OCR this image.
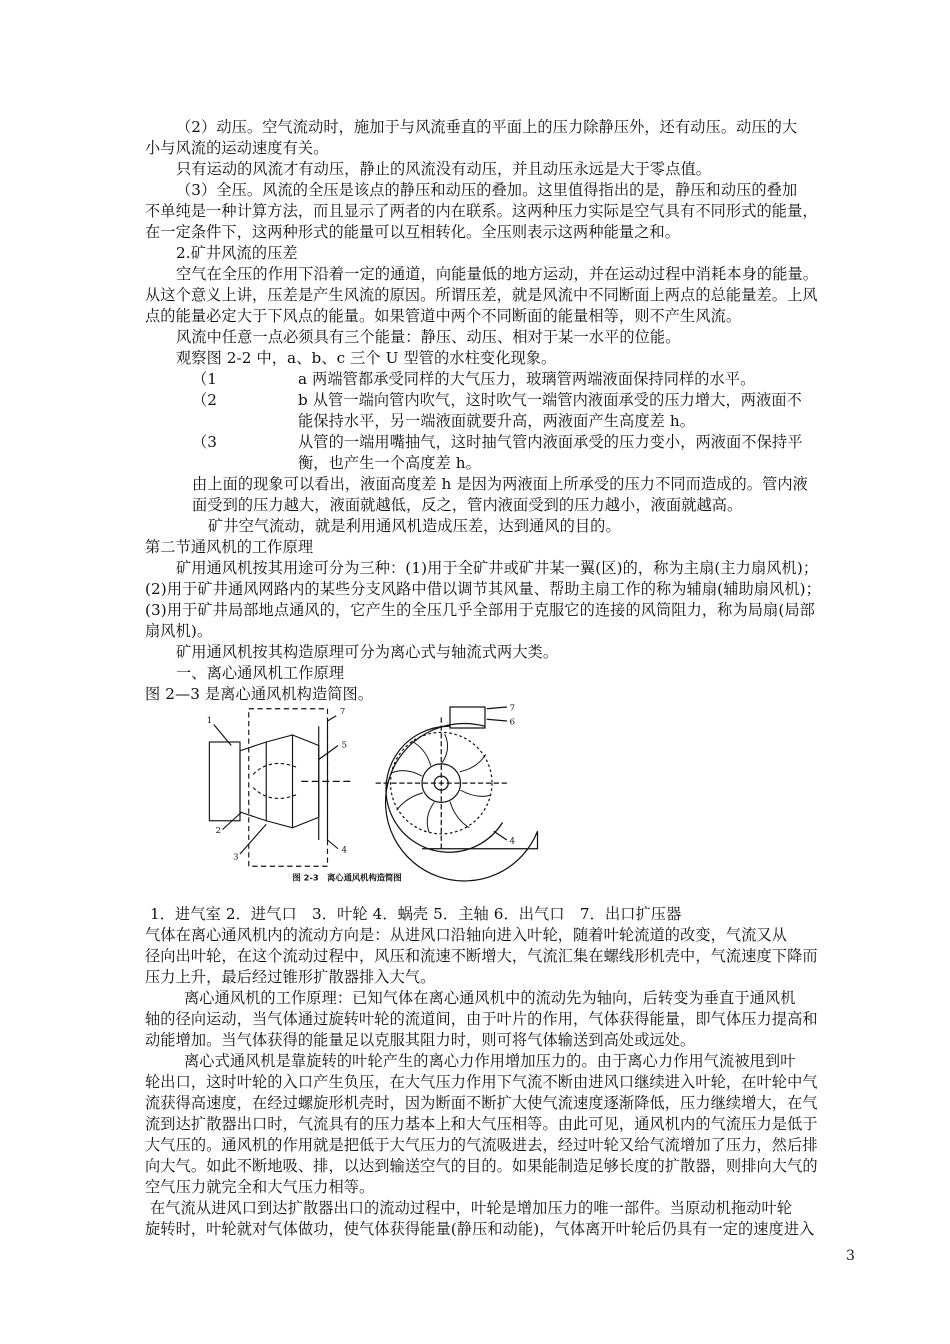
（2）动压。空气流动时，施加于与风流垂直的平面上的压力除静压外，还有动压。动压的大
小与风流的运动速度有关。
只有运动的风流才有动压，静止的风流没有动压，并且动压永远是大于零点值。
（3）全压。风流的全压是该点的静压和动压的叠加。这里值得指出的是，静压和动压的叠加
不单纯是一种计算方法，而且显示了两者的内在联系。这两种压力实际是空气具有不同形式的能量，
在一定条件下，这两种形式的能量可以互相转化。全压则表示这两种能量之和。
2.矿井风流的压差
空气在全压的作用下沿着一定的通道，向能量低的地方运动，并在运动过程中消耗本身的能量。
从这个意义上讲，压差是产生风流的原因。所谓压差，就是风流中不同断面上两点的总能量差。上风
点的能量必定大于下风点的能量。如果管道中两个不同断面的能量相等，则不产生风流。
风流中任意一点必须具有三个能量：静压、动压、相对于某一水平的位能。
观察图 2-2 中，a、b、c 三个 U 型管的水柱变化现象。
（1	a 两端管都承受同样的大气压力，玻璃管两端液面保持同样的水平。
（2	b 从管一端向管内吹气，这时吹气一端管内液面承受的压力增大，两液面不
能保持水平，另一端液面就要升高，两液面产生高度差 h。
（3	从管的一端用嘴抽气，这时抽气管内液面承受的压力变小，两液面不保持平
衡，也产生一个高度差 h。
由上面的现象可以看出，液面高度差 h 是因为两液面上所承受的压力不同而造成的。管内液
面受到的压力越大，液面就越低，反之，管内液面受到的压力越小，液面就越高。
矿井空气流动，就是利用通风机造成压差，达到通风的目的。
第二节通风机的工作原理
矿用通风机按其用途可分为三种：(1)用于全矿井或矿井某一翼(区)的，称为主扇(主力扇风机)；
(2)用于矿井通风网路内的某些分支风路中借以调节其风量、帮助主扇工作的称为辅扇(辅助扇风机)；
(3)用于矿井局部地点通风的，它产生的全压几乎全部用于克服它的连接的风筒阻力，称为局扇(局部
扇风机)。
矿用通风机按其构造原理可分为离心式与轴流式两大类。
一、离心通风机工作原理
图 2—3 是离心通风机构造简图。
1
2
3
4
5
7	7
6
4
图 2-3　离心通风机构造简图
1．进气室 2．进气口　3．叶轮 4．蜗壳 5．主轴 6．出气口　7．出口扩压器
气体在离心通风机内的流动方向是：从进风口沿轴向进入叶轮，随着叶轮流道的改变，气流又从
径向出叶轮，在这个流动过程中，风压和流速不断增大，气流汇集在螺线形机壳中，气流速度下降而
压力上升，最后经过锥形扩散器排入大气。
离心通风机的工作原理：已知气体在离心通风机中的流动先为轴向，后转变为垂直于通风机
轴的径向运动，当气体通过旋转叶轮的流道间，由于叶片的作用，气体获得能量，即气体压力提高和
动能增加。当气体获得的能量足以克服其阻力时，则可将气体输送到高处或远处。
离心式通风机是靠旋转的叶轮产生的离心力作用增加压力的。由于离心力作用气流被甩到叶
轮出口，这时叶轮的入口产生负压，在大气压力作用下气流不断由进风口继续进入叶轮，在叶轮中气
流获得高速度，在经过螺旋形机壳时，因为断面不断扩大使气流速度逐渐降低，压力继续增大，在气
流到达扩散器出口时，气流具有的压力基本上和大气压相等。由此可见，通风机内的气流压力是低于
大气压的。通风机的作用就是把低于大气压力的气流吸进去，经过叶轮又给气流增加了压力，然后排
向大气。如此不断地吸、排，以达到输送空气的目的。如果能制造足够长度的扩散器，则排向大气的
空气压力就完全和大气压力相等。
在气流从进风口到达扩散器出口的流动过程中，叶轮是增加压力的唯一部件。当原动机拖动叶轮
旋转时，叶轮就对气体做功，使气体获得能量(静压和动能)，气体离开叶轮后仍具有一定的速度进入
3
